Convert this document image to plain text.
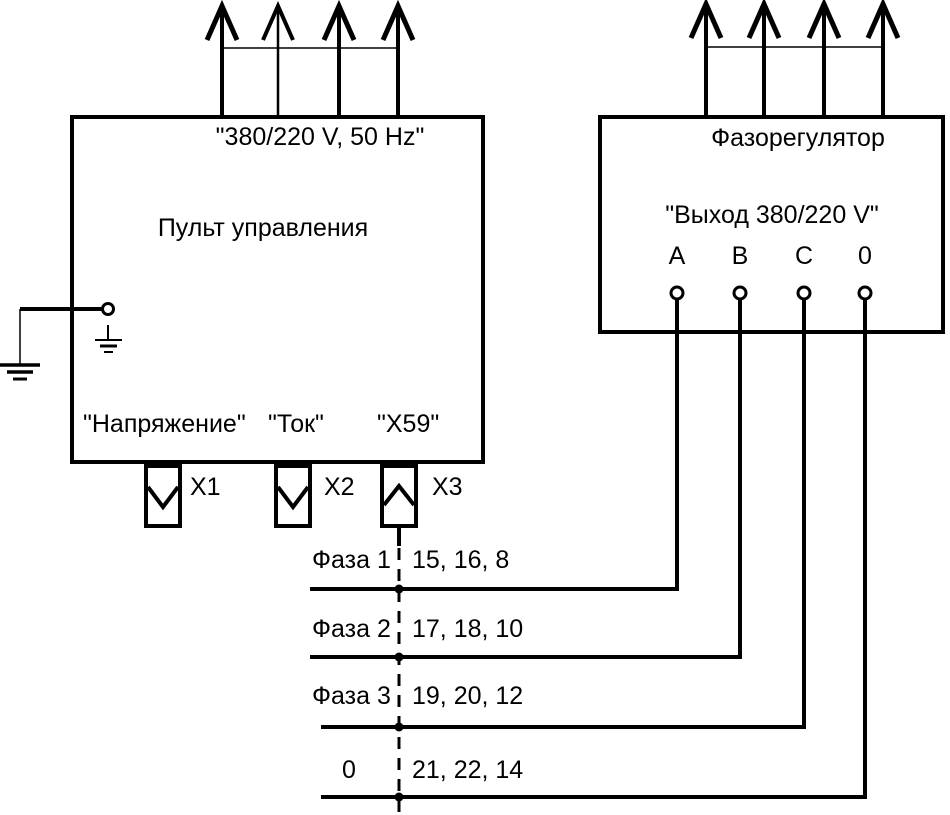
"380/220 V, 50 Hz"
Пульт управления
"Напряжение" "Ток" "Х59"
Х1	Х2	Х3
Фазорегулятор
"Выход 380/220 V"
А В С 0
Фаза 1 15, 16, 8
Фаза 2 17, 18, 10
Фаза 3 19, 20, 12
0 21, 22, 14
